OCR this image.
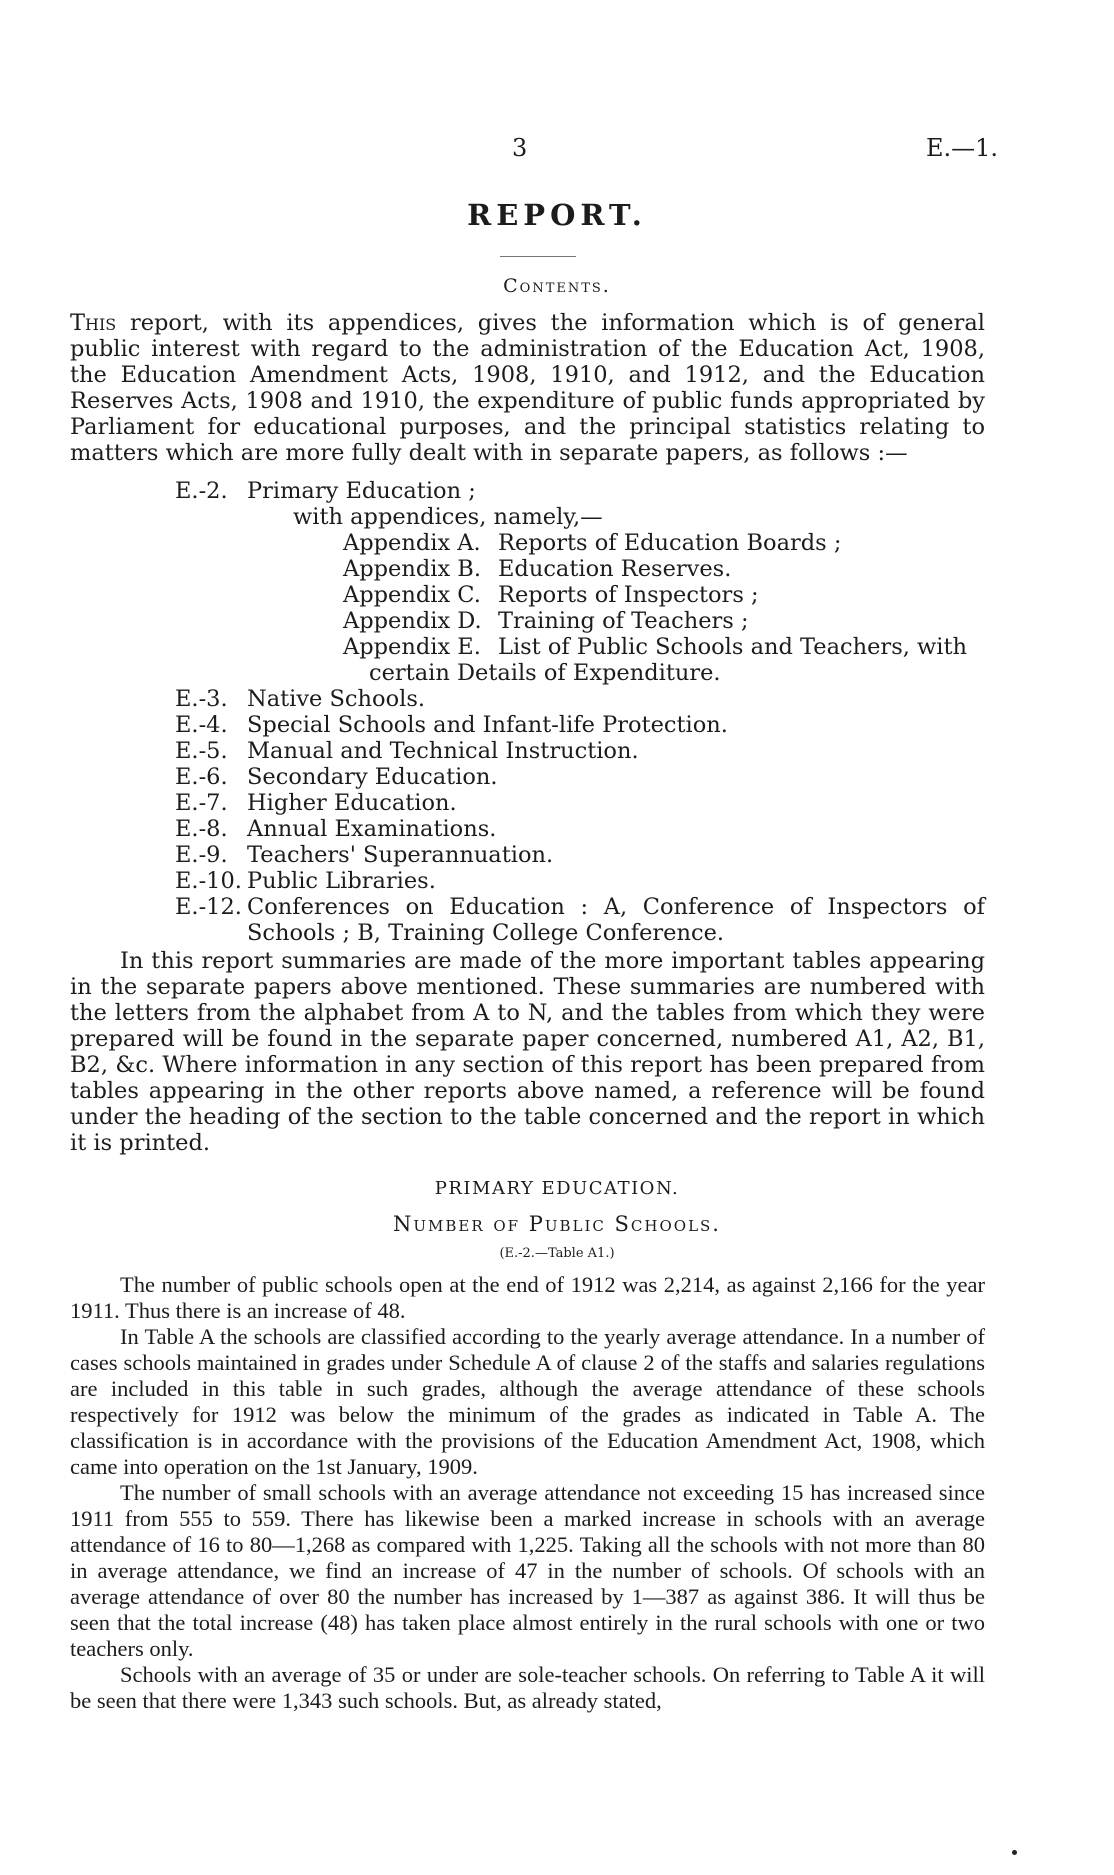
3	E.—1.
REPORT.
Contents.
This report, with its appendices, gives the information which is of general public interest with regard to the administration of the Education Act, 1908, the Education Amendment Acts, 1908, 1910, and 1912, and the Education Reserves Acts, 1908 and 1910, the expenditure of public funds appropriated by Parliament for educational purposes, and the principal statistics relating to matters which are more fully dealt with in separate papers, as follows :—
E.-2. Primary Education ;
with appendices, namely,—
Appendix A. Reports of Education Boards ;
Appendix B. Education Reserves.
Appendix C. Reports of Inspectors ;
Appendix D. Training of Teachers ;
Appendix E. List of Public Schools and Teachers, with
certain Details of Expenditure.
E.-3. Native Schools.
E.-4. Special Schools and Infant-life Protection.
E.-5. Manual and Technical Instruction.
E.-6. Secondary Education.
E.-7. Higher Education.
E.-8. Annual Examinations.
E.-9. Teachers' Superannuation.
E.-10. Public Libraries.
E.-12. Conferences on Education : A, Conference of Inspectors of
Schools ; B, Training College Conference.
In this report summaries are made of the more important tables appearing in the separate papers above mentioned. These summaries are numbered with the letters from the alphabet from A to N, and the tables from which they were prepared will be found in the separate paper concerned, numbered A1, A2, B1, B2, &c. Where information in any section of this report has been prepared from tables appearing in the other reports above named, a reference will be found under the heading of the section to the table concerned and the report in which it is printed.
PRIMARY EDUCATION.
Number of Public Schools.
(E.-2.—Table A1.)

The number of public schools open at the end of 1912 was 2,214, as against 2,166 for the year 1911. Thus there is an increase of 48.

In Table A the schools are classified according to the yearly average attendance. In a number of cases schools maintained in grades under Schedule A of clause 2 of the staffs and salaries regulations are included in this table in such grades, although the average attendance of these schools respectively for 1912 was below the minimum of the grades as indicated in Table A. The classification is in accordance with the provisions of the Education Amendment Act, 1908, which came into operation on the 1st January, 1909.

The number of small schools with an average attendance not exceeding 15 has increased since 1911 from 555 to 559. There has likewise been a marked increase in schools with an average attendance of 16 to 80—1,268 as compared with 1,225. Taking all the schools with not more than 80 in average attendance, we find an increase of 47 in the number of schools. Of schools with an average attendance of over 80 the number has increased by 1—387 as against 386. It will thus be seen that the total increase (48) has taken place almost entirely in the rural schools with one or two teachers only.

Schools with an average of 35 or under are sole-teacher schools. On referring to Table A it will be seen that there were 1,343 such schools. But, as already stated,
